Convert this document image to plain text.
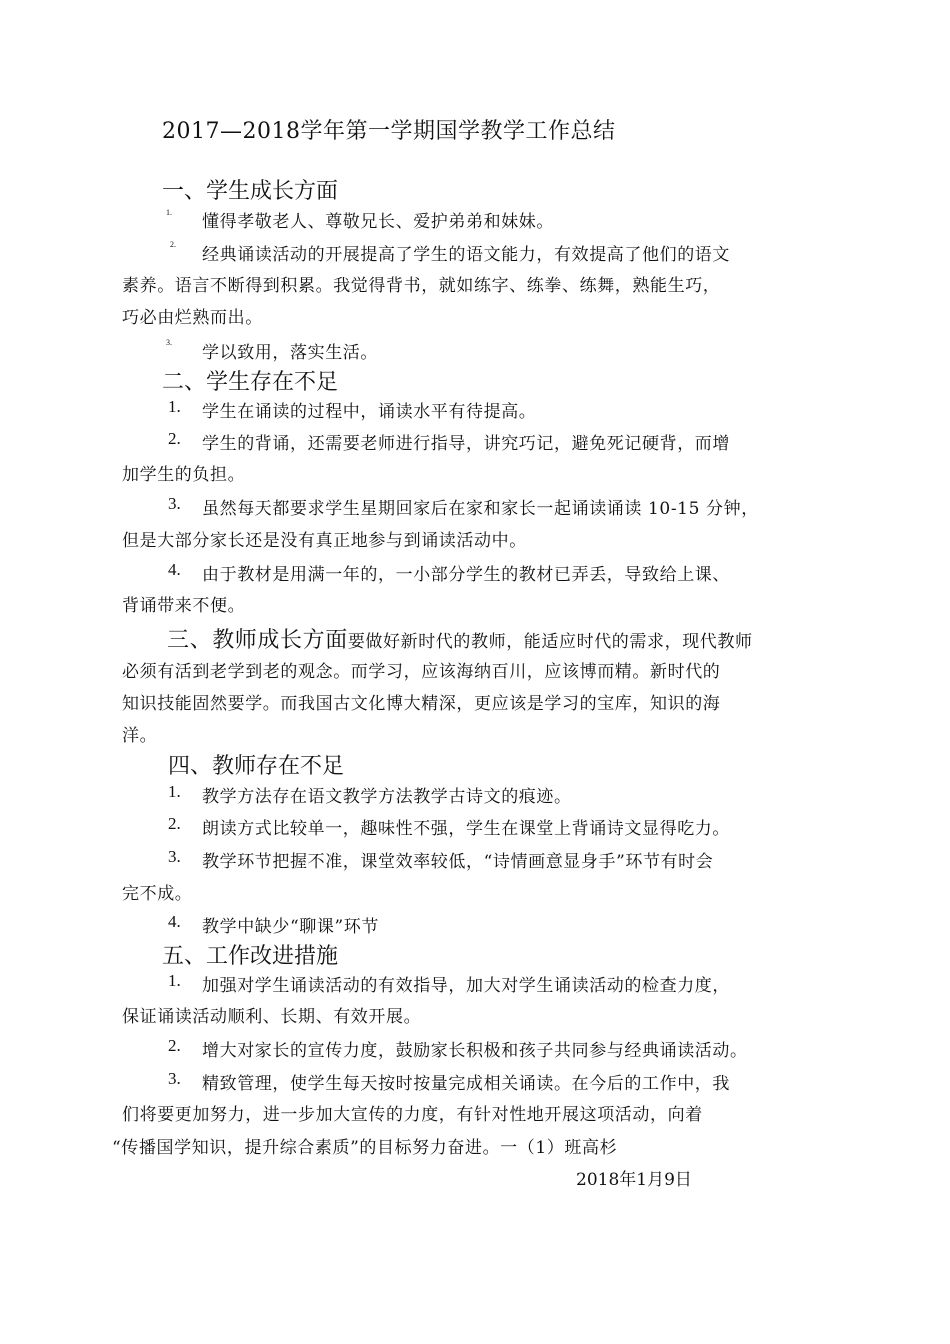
2017—2018学年第一学期国学教学工作总结
一、学生成长方面
1. 懂得孝敬老人、尊敬兄长、爱护弟弟和妹妹。
2.
经典诵读活动的开展提高了学生的语文能力，有效提高了他们的语文
素养。语言不断得到积累。我觉得背书，就如练字、练拳、练舞，熟能生巧，
巧必由烂熟而出。
3.
学以致用，落实生活。
二、学生存在不足
1. 学生在诵读的过程中，诵读水平有待提高。
2. 学生的背诵，还需要老师进行指导，讲究巧记，避免死记硬背，而增
加学生的负担。
3. 虽然每天都要求学生星期回家后在家和家长一起诵读诵读 10-15 分钟，
但是大部分家长还是没有真正地参与到诵读活动中。
4. 由于教材是用满一年的，一小部分学生的教材已弄丢，导致给上课、
背诵带来不便。
三、教师成长方面要做好新时代的教师，能适应时代的需求，现代教师
必须有活到老学到老的观念。而学习，应该海纳百川，应该博而精。新时代的
知识技能固然要学。而我国古文化博大精深，更应该是学习的宝库，知识的海
洋。
四、教师存在不足
1. 教学方法存在语文教学方法教学古诗文的痕迹。
2. 朗读方式比较单一，趣味性不强，学生在课堂上背诵诗文显得吃力。
3. 教学环节把握不准，课堂效率较低，“诗情画意显身手”环节有时会
完不成。
4. 教学中缺少“聊课”环节
五、工作改进措施
1. 加强对学生诵读活动的有效指导，加大对学生诵读活动的检查力度，
保证诵读活动顺利、长期、有效开展。
2. 增大对家长的宣传力度，鼓励家长积极和孩子共同参与经典诵读活动。
3. 精致管理，使学生每天按时按量完成相关诵读。在今后的工作中，我
们将要更加努力，进一步加大宣传的力度，有针对性地开展这项活动，向着
“传播国学知识，提升综合素质”的目标努力奋进。一（1）班高杉
2018年1月9日
